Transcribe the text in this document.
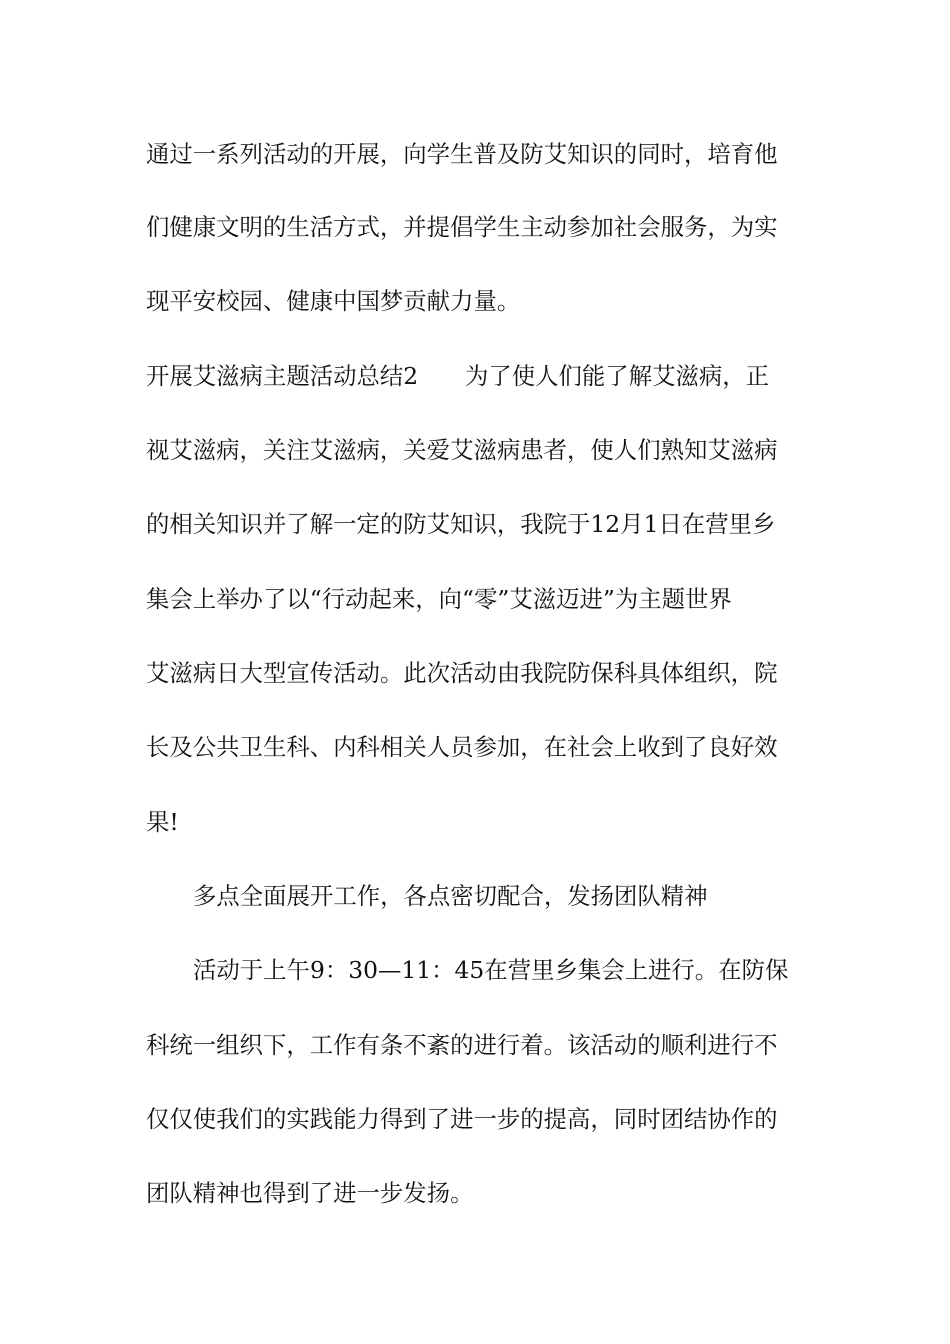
通过一系列活动的开展，向学生普及防艾知识的同时，培育他
们健康文明的生活方式，并提倡学生主动参加社会服务，为实
现平安校园、健康中国梦贡献力量。
开展艾滋病主题活动总结2　　为了使人们能了解艾滋病，正
视艾滋病，关注艾滋病，关爱艾滋病患者，使人们熟知艾滋病
的相关知识并了解一定的防艾知识，我院于12月1日在营里乡
集会上举办了以“行动起来，向“零”艾滋迈进”为主题世界
艾滋病日大型宣传活动。此次活动由我院防保科具体组织，院
长及公共卫生科、内科相关人员参加，在社会上收到了良好效
果!
多点全面展开工作，各点密切配合，发扬团队精神
活动于上午9：30—11：45在营里乡集会上进行。在防保
科统一组织下，工作有条不紊的进行着。该活动的顺利进行不
仅仅使我们的实践能力得到了进一步的提高，同时团结协作的
团队精神也得到了进一步发扬。
